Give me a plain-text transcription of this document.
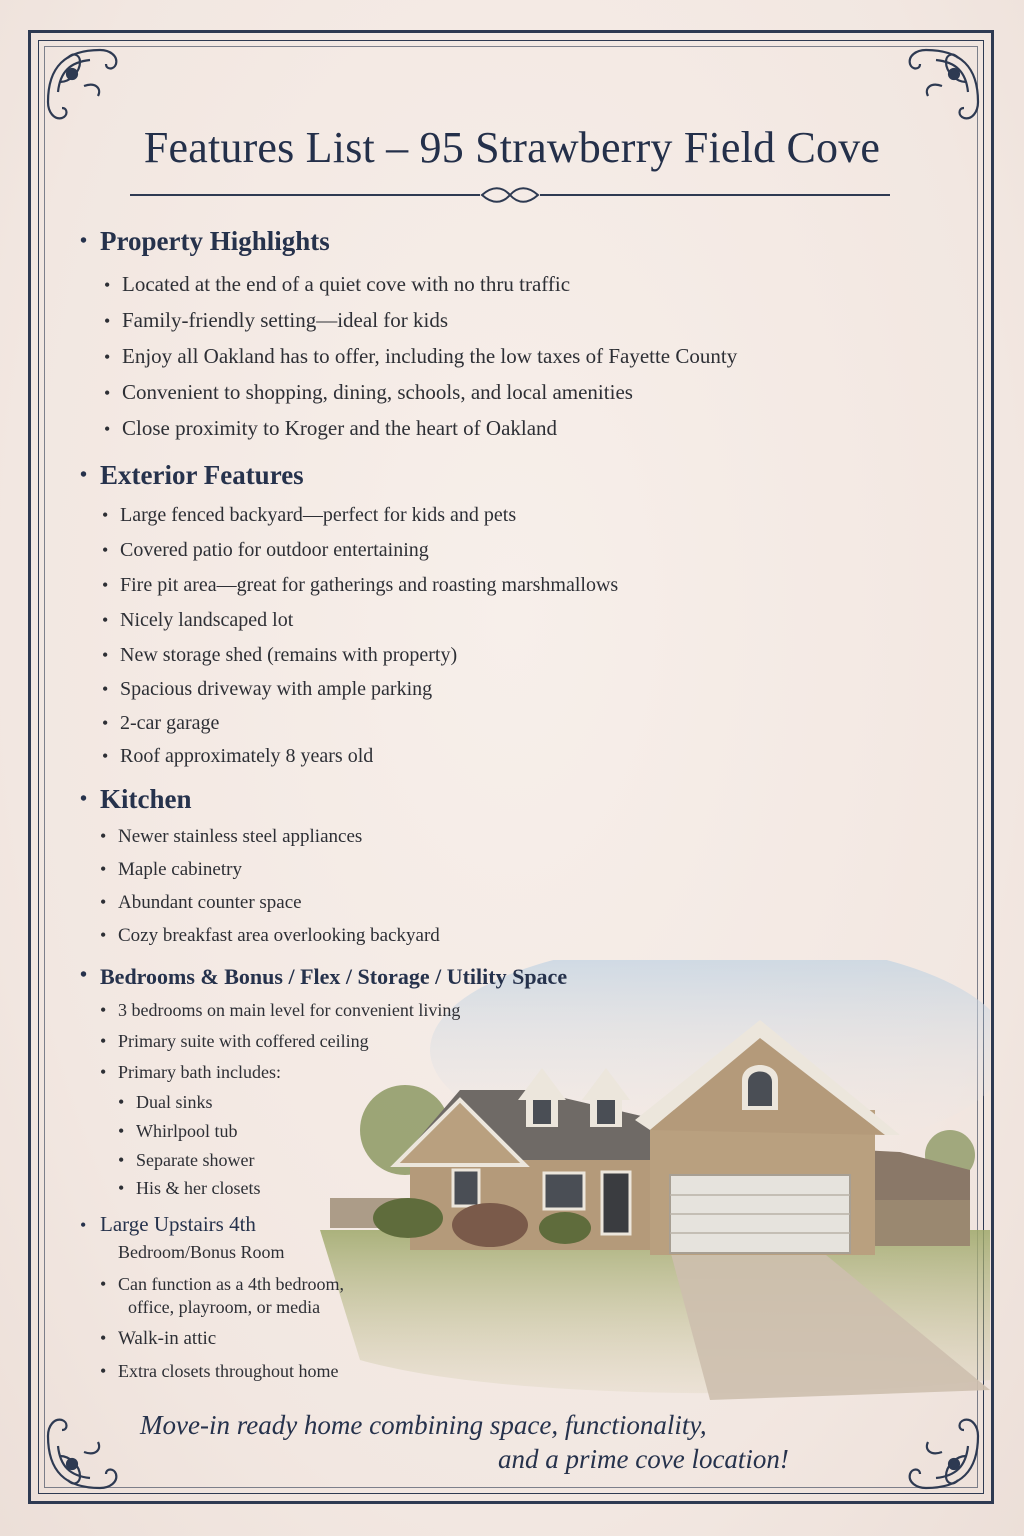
Features List – 95 Strawberry Field Cove
• Property Highlights
• Located at the end of a quiet cove with no thru traffic
• Family-friendly setting—ideal for kids
• Enjoy all Oakland has to offer, including the low taxes of Fayette County
• Convenient to shopping, dining, schools, and local amenities
• Close proximity to Kroger and the heart of Oakland
• Exterior Features
• Large fenced backyard—perfect for kids and pets
• Covered patio for outdoor entertaining
• Fire pit area—great for gatherings and roasting marshmallows
• Nicely landscaped lot
• New storage shed (remains with property)
• Spacious driveway with ample parking
• 2-car garage
• Roof approximately 8 years old
• Kitchen
• Newer stainless steel appliances
• Maple cabinetry
• Abundant counter space
• Cozy breakfast area overlooking backyard
• Bedrooms & Bonus / Flex / Storage / Utility Space
• 3 bedrooms on main level for convenient living
• Primary suite with coffered ceiling
• Primary bath includes:
• Dual sinks
• Whirlpool tub
• Separate shower
• His & her closets
• Large Upstairs 4th
Bedroom/Bonus Room
• Can function as a 4th bedroom,
office, playroom, or media
• Walk-in attic
• Extra closets throughout home
Move-in ready home combining space, functionality,
and a prime cove location!
